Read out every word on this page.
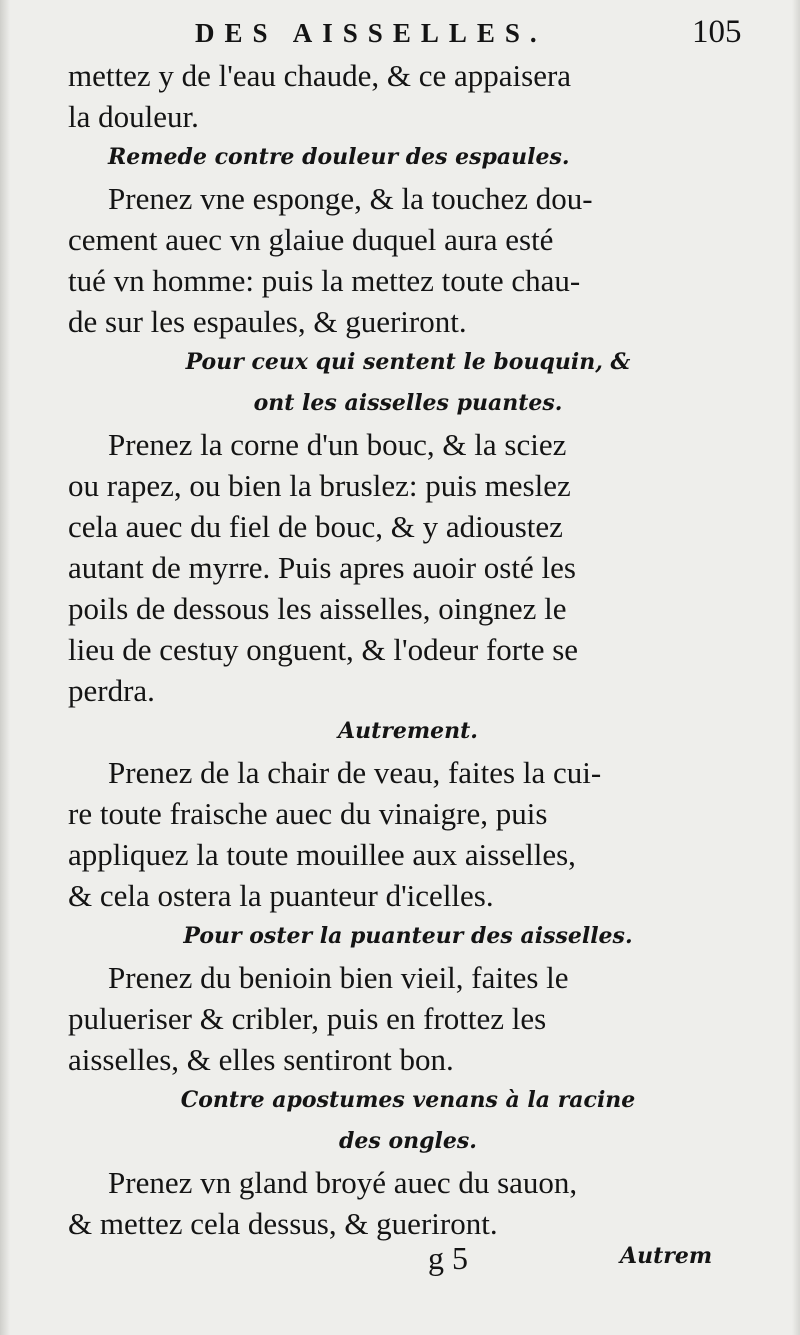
DES AISSELLES.	105
mettez y de l'eau chaude, & ce appaisera
la douleur.
Remede contre douleur des espaules.
Prenez vne esponge, & la touchez dou-
cement auec vn glaiue duquel aura esté
tué vn homme: puis la mettez toute chau-
de sur les espaules, & gueriront.
Pour ceux qui sentent le bouquin, &
ont les aisselles puantes.
Prenez la corne d'un bouc, & la sciez
ou rapez, ou bien la bruslez: puis meslez
cela auec du fiel de bouc, & y adioustez
autant de myrre. Puis apres auoir osté les
poils de dessous les aisselles, oingnez le
lieu de cestuy onguent, & l'odeur forte se
perdra.
Autrement.
Prenez de la chair de veau, faites la cui-
re toute fraische auec du vinaigre, puis
appliquez la toute mouillee aux aisselles,
& cela ostera la puanteur d'icelles.
Pour oster la puanteur des aisselles.
Prenez du benioin bien vieil, faites le
pulueriser & cribler, puis en frottez les
aisselles, & elles sentiront bon.
Contre apostumes venans à la racine
des ongles.
Prenez vn gland broyé auec du sauon,
& mettez cela dessus, & gueriront.
g 5	Autrem
